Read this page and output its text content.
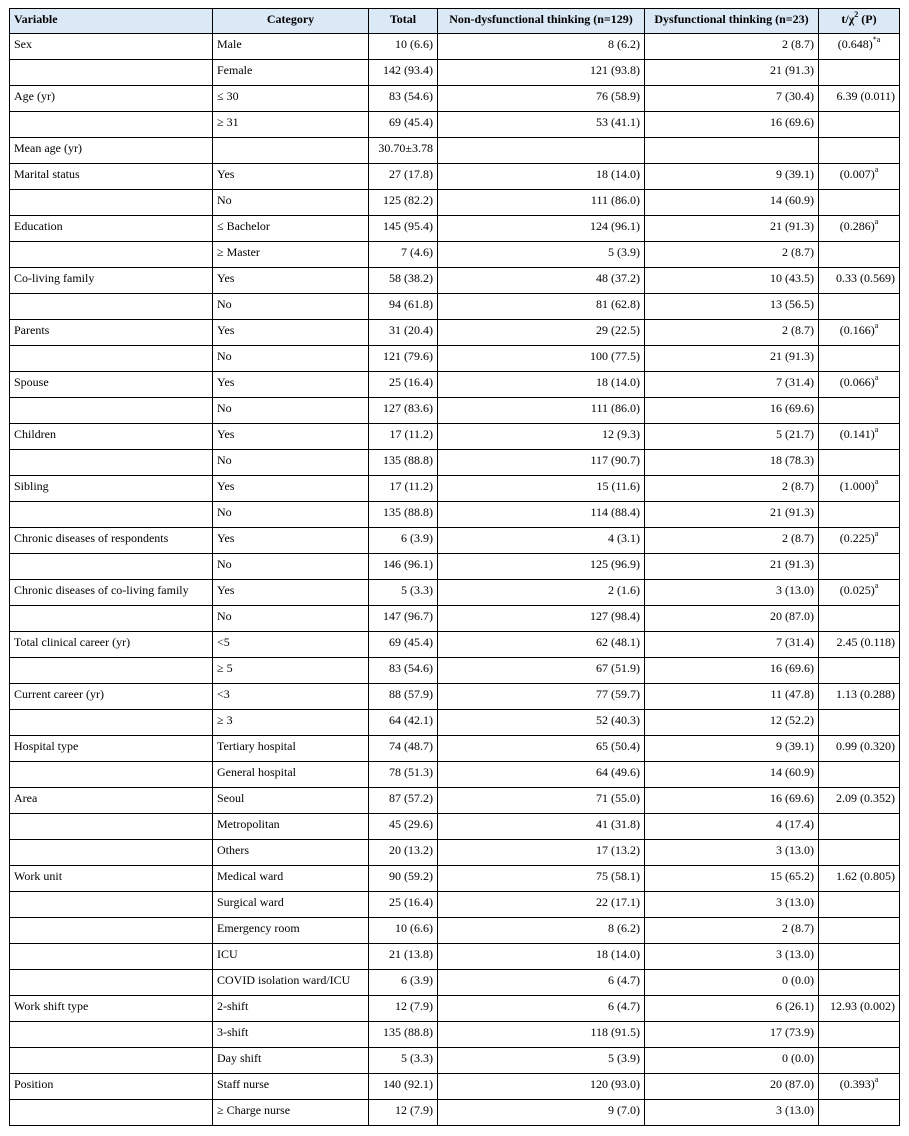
Variable	Category	Total	Non-dysfunctional thinking (n=129)	Dysfunctional thinking (n=23)	$t/\chi^2$ (P)
Sex	Male	10 (6.6)	8 (6.2)	2 (8.7)	$(0.648)^{*a}$
	Female	142 (93.4)	121 (93.8)	21 (91.3)	
Age (yr)	≤ 30	83 (54.6)	76 (58.9)	7 (30.4)	6.39 (0.011)
	≥ 31	69 (45.4)	53 (41.1)	16 (69.6)	
Mean age (yr)		30.70±3.78			
Marital status	Yes	27 (17.8)	18 (14.0)	9 (39.1)	$(0.007)^a$
	No	125 (82.2)	111 (86.0)	14 (60.9)	
Education	≤ Bachelor	145 (95.4)	124 (96.1)	21 (91.3)	$(0.286)^a$
	≥ Master	7 (4.6)	5 (3.9)	2 (8.7)	
Co-living family	Yes	58 (38.2)	48 (37.2)	10 (43.5)	0.33 (0.569)
	No	94 (61.8)	81 (62.8)	13 (56.5)	
Parents	Yes	31 (20.4)	29 (22.5)	2 (8.7)	$(0.166)^a$
	No	121 (79.6)	100 (77.5)	21 (91.3)	
Spouse	Yes	25 (16.4)	18 (14.0)	7 (31.4)	$(0.066)^a$
	No	127 (83.6)	111 (86.0)	16 (69.6)	
Children	Yes	17 (11.2)	12 (9.3)	5 (21.7)	$(0.141)^a$
	No	135 (88.8)	117 (90.7)	18 (78.3)	
Sibling	Yes	17 (11.2)	15 (11.6)	2 (8.7)	$(1.000)^a$
	No	135 (88.8)	114 (88.4)	21 (91.3)	
Chronic diseases of respondents	Yes	6 (3.9)	4 (3.1)	2 (8.7)	$(0.225)^a$
	No	146 (96.1)	125 (96.9)	21 (91.3)	
Chronic diseases of co-living family	Yes	5 (3.3)	2 (1.6)	3 (13.0)	$(0.025)^a$
	No	147 (96.7)	127 (98.4)	20 (87.0)	
Total clinical career (yr)	<5	69 (45.4)	62 (48.1)	7 (31.4)	2.45 (0.118)
	≥ 5	83 (54.6)	67 (51.9)	16 (69.6)	
Current career (yr)	<3	88 (57.9)	77 (59.7)	11 (47.8)	1.13 (0.288)
	≥ 3	64 (42.1)	52 (40.3)	12 (52.2)	
Hospital type	Tertiary hospital	74 (48.7)	65 (50.4)	9 (39.1)	0.99 (0.320)
	General hospital	78 (51.3)	64 (49.6)	14 (60.9)	
Area	Seoul	87 (57.2)	71 (55.0)	16 (69.6)	2.09 (0.352)
	Metropolitan	45 (29.6)	41 (31.8)	4 (17.4)	
	Others	20 (13.2)	17 (13.2)	3 (13.0)	
Work unit	Medical ward	90 (59.2)	75 (58.1)	15 (65.2)	1.62 (0.805)
	Surgical ward	25 (16.4)	22 (17.1)	3 (13.0)	
	Emergency room	10 (6.6)	8 (6.2)	2 (8.7)	
	ICU	21 (13.8)	18 (14.0)	3 (13.0)	
	COVID isolation ward/ICU	6 (3.9)	6 (4.7)	0 (0.0)	
Work shift type	2-shift	12 (7.9)	6 (4.7)	6 (26.1)	12.93 (0.002)
	3-shift	135 (88.8)	118 (91.5)	17 (73.9)	
	Day shift	5 (3.3)	5 (3.9)	0 (0.0)	
Position	Staff nurse	140 (92.1)	120 (93.0)	20 (87.0)	$(0.393)^a$
	≥ Charge nurse	12 (7.9)	9 (7.0)	3 (13.0)	
